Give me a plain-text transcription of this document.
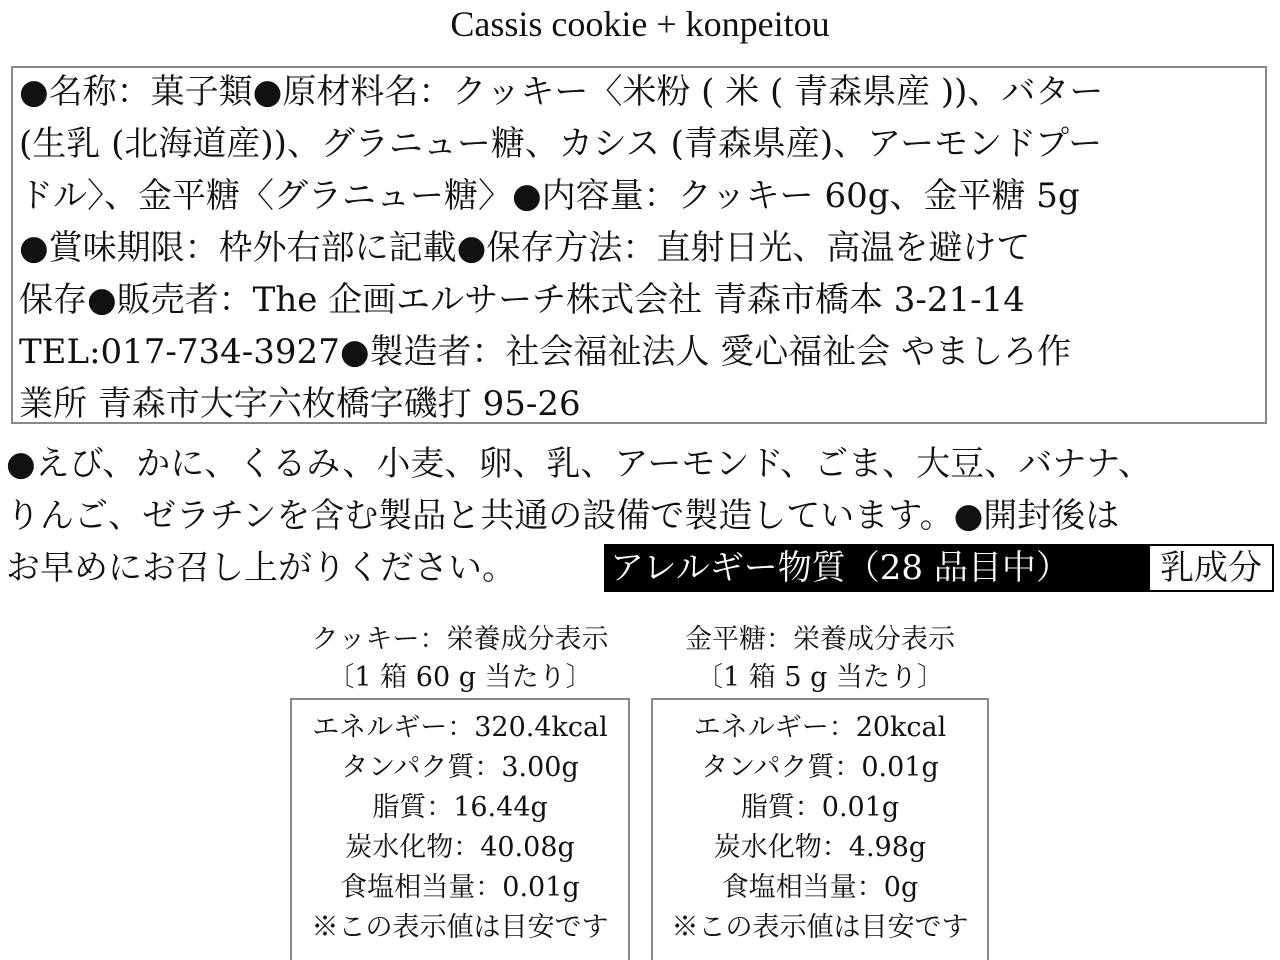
Cassis cookie + konpeitou
●名称：菓子類●原材料名：クッキー〈米粉 ( 米 ( 青森県産 ))、バター
(生乳 (北海道産))、グラニュー糖、カシス (青森県産)、アーモンドプー
ドル〉、金平糖〈グラニュー糖〉●内容量：クッキー 60g、金平糖 5g
●賞味期限：枠外右部に記載●保存方法：直射日光、高温を避けて
保存●販売者：The 企画エルサーチ株式会社 青森市橋本 3-21-14
TEL:017-734-3927●製造者：社会福祉法人 愛心福祉会 やましろ作
業所 青森市大字六枚橋字磯打 95-26
●えび、かに、くるみ、小麦、卵、乳、アーモンド、ごま、大豆、バナナ、
りんご、ゼラチンを含む製品と共通の設備で製造しています。●開封後は
お早めにお召し上がりください。	アレルギー物質（28 品目中）	乳成分
クッキー：栄養成分表示
〔1 箱 60 g 当たり〕
エネルギー：320.4kcal
タンパク質：3.00g
脂質：16.44g
炭水化物：40.08g
食塩相当量：0.01g
※この表示値は目安です
金平糖：栄養成分表示
〔1 箱 5 g 当たり〕
エネルギー：20kcal
タンパク質：0.01g
脂質：0.01g
炭水化物：4.98g
食塩相当量：0g
※この表示値は目安です
